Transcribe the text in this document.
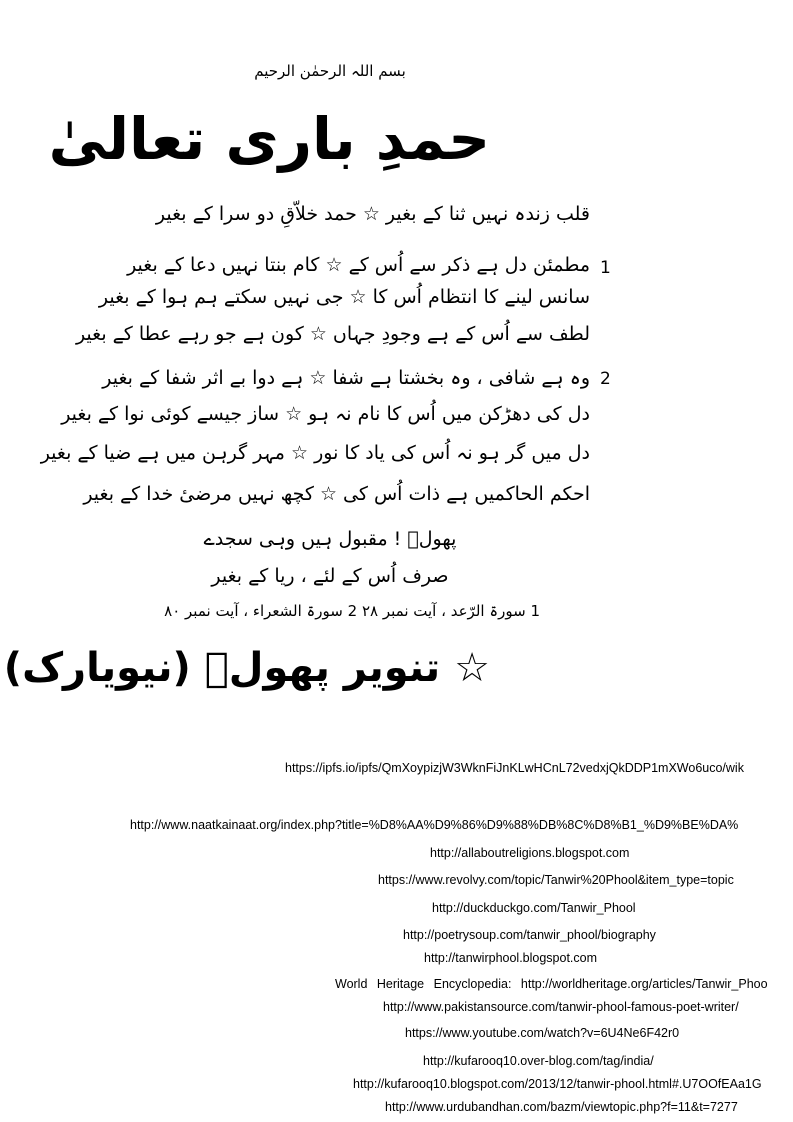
بسم اللہ الرحمٰن الرحیم
حمدِ باری تعالیٰ
قلب زندہ نہیں ثنا کے بغیر ☆ حمد خلاّقِ دو سرا کے بغیر
مطمئن دل ہے ذکر سے اُس کے ☆ کام بنتا نہیں دعا کے بغیر
سانس لینے کا انتظام اُس کا ☆ جی نہیں سکتے ہم ہوا کے بغیر
لطف سے اُس کے ہے وجودِ جہاں ☆ کون ہے جو رہے عطا کے بغیر
وہ ہے شافی ، وہ بخشتا ہے شفا ☆ ہے دوا بے اثر شفا کے بغیر
دل کی دھڑکن میں اُس کا نام نہ ہو ☆ ساز جیسے کوئی نوا کے بغیر
دل میں گر ہو نہ اُس کی یاد کا نور ☆ مہر گرہن میں ہے ضیا کے بغیر
احکم الحاکمیں ہے ذات اُس کی ☆ کچھ نہیں مرضیٔ خدا کے بغیر
1
2
پھولؔ ! مقبول ہیں وہی سجدے
صرف اُس کے لئے ، ریا کے بغیر
1 سورۃ الرّعد ، آیت نمبر ۲۸ 2 سورۃ الشعراء ، آیت نمبر ۸۰
☆ تنویر پھولؔ (نیویارک)
https://ipfs.io/ipfs/QmXoypizjW3WknFiJnKLwHCnL72vedxjQkDDP1mXWo6uco/wik
http://www.naatkainaat.org/index.php?title=%D8%AA%D9%86%D9%88%DB%8C%D8%B1_%D9%BE%DA%
http://allaboutreligions.blogspot.com
https://www.revolvy.com/topic/Tanwir%20Phool&item_type=topic
http://duckduckgo.com/Tanwir_Phool
http://poetrysoup.com/tanwir_phool/biography
http://tanwirphool.blogspot.com
World Heritage Encyclopedia: http://worldheritage.org/articles/Tanwir_Phoo
http://www.pakistansource.com/tanwir-phool-famous-poet-writer/
https://www.youtube.com/watch?v=6U4Ne6F42r0
http://kufarooq10.over-blog.com/tag/india/
http://kufarooq10.blogspot.com/2013/12/tanwir-phool.html#.U7OOfEAa1G
http://www.urdubandhan.com/bazm/viewtopic.php?f=11&t=7277
